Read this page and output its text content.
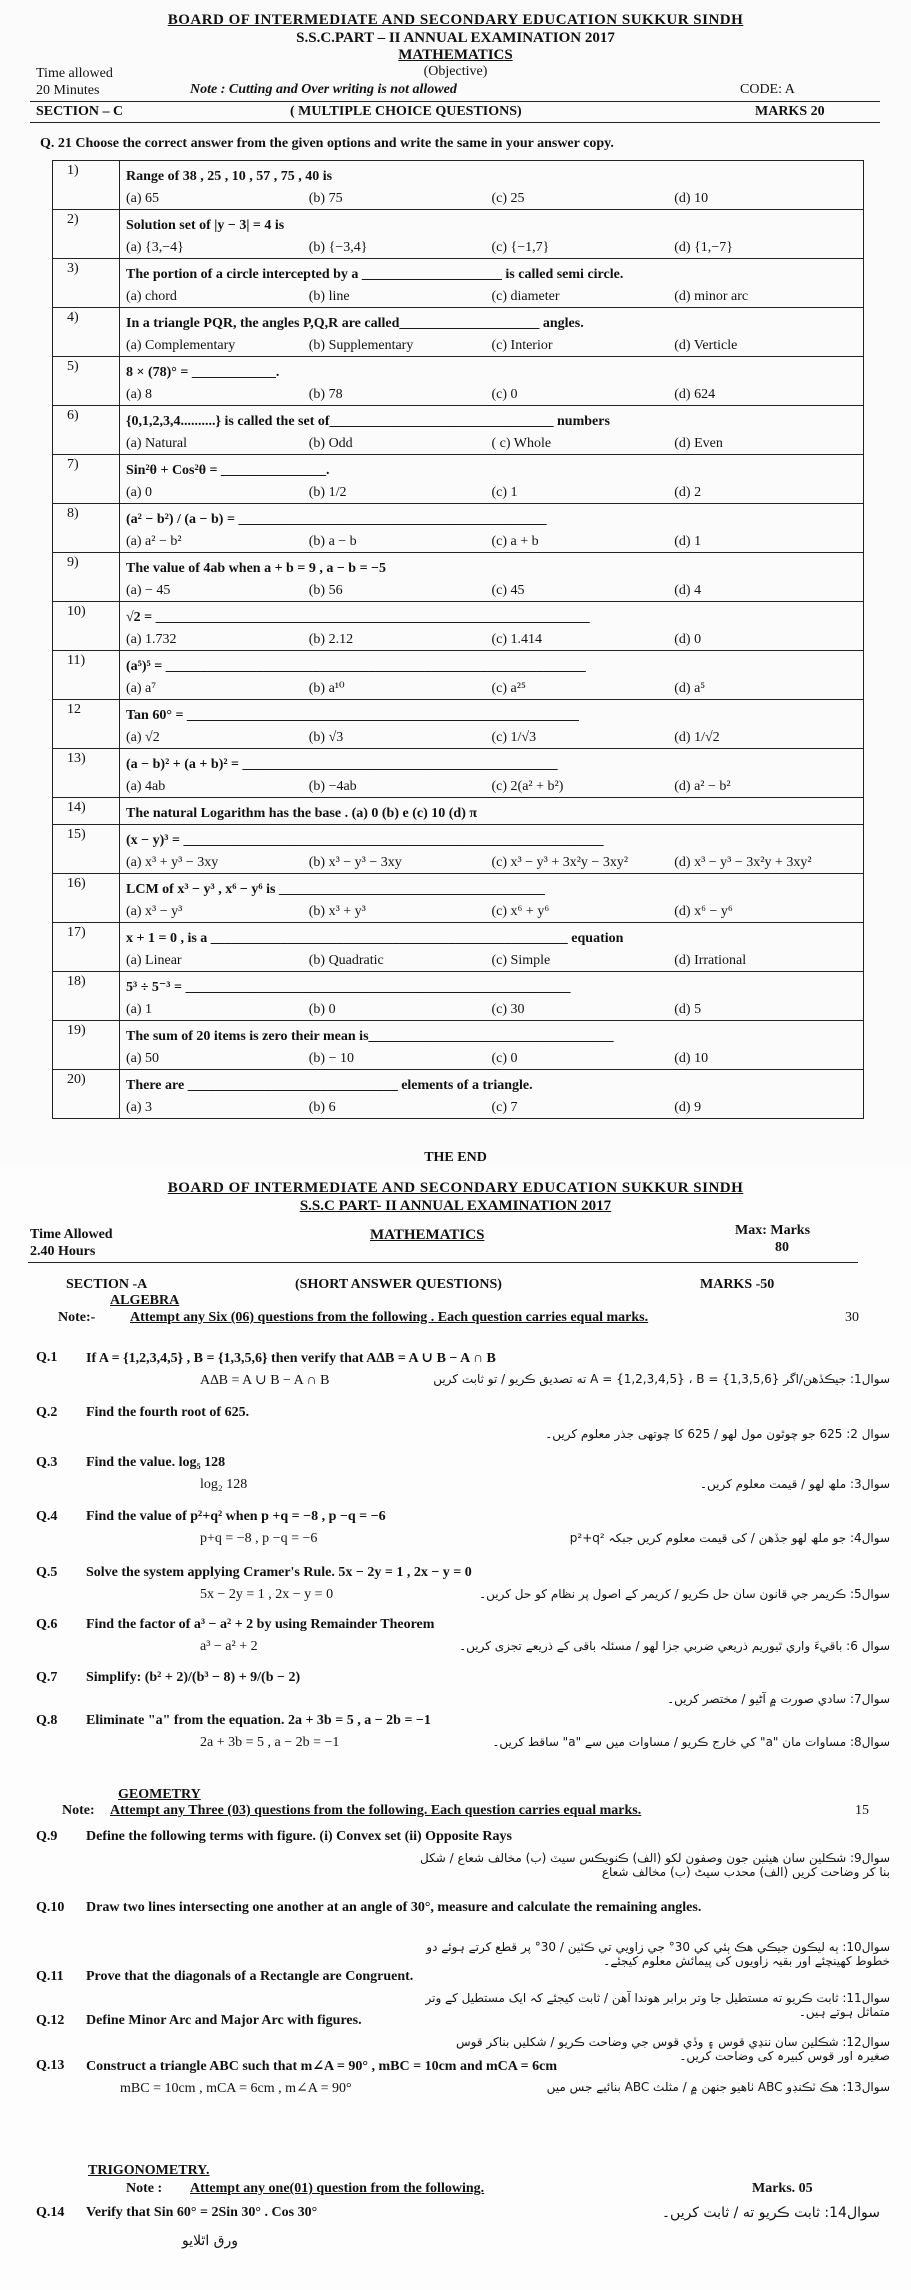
BOARD OF INTERMEDIATE AND SECONDARY EDUCATION SUKKUR SINDH
S.S.C.PART – II ANNUAL EXAMINATION 2017
MATHEMATICS
(Objective)
Time allowed
20 Minutes	Note : Cutting and Over writing is not allowed	CODE: A
SECTION – C	( MULTIPLE CHOICE QUESTIONS)	MARKS 20
Q. 21 Choose the correct answer from the given options and write the same in your answer copy.
1)	Range of 38 , 25 , 10 , 57 , 75 , 40 is
(a) 65 (b) 75 (c) 25 (d) 10

2)	Solution set of |y − 3| = 4 is
(a) {3,−4} (b) {−3,4} (c) {−1,7} (d) {1,−7}

3)	The portion of a circle intercepted by a ____________________ is called semi circle.
(a) chord (b) line (c) diameter (d) minor arc

4)	In a triangle PQR, the angles P,Q,R are called____________________ angles.
(a) Complementary (b) Supplementary (c) Interior (d) Verticle

5)	8 × (78)° = ____________.
(a) 8 (b) 78 (c) 0 (d) 624

6)	{0,1,2,3,4..........} is called the set of________________________________ numbers
(a) Natural (b) Odd ( c) Whole (d) Even

7)	Sin²θ + Cos²θ = _______________.
(a) 0 (b) 1/2 (c) 1 (d) 2

8)	(a² − b²) / (a − b) = ____________________________________________
(a) a² − b² (b) a − b (c) a + b (d) 1

9)	The value of 4ab when a + b = 9 , a − b = −5
(a) − 45 (b) 56 (c) 45 (d) 4

10)	√2 = ______________________________________________________________
(a) 1.732 (b) 2.12 (c) 1.414 (d) 0

11)	(a⁵)⁵ = ____________________________________________________________
(a) a⁷ (b) a¹⁰ (c) a²⁵ (d) a⁵

12	Tan 60° = ________________________________________________________
(a) √2 (b) √3 (c) 1/√3 (d) 1/√2

13)	(a − b)² + (a + b)² = _____________________________________________
(a) 4ab (b) −4ab (c) 2(a² + b²) (d) a² − b²

14)	The natural Logarithm has the base . (a) 0 (b) e (c) 10 (d) π

15)	(x − y)³ = ____________________________________________________________
(a) x³ + y³ − 3xy (b) x³ − y³ − 3xy (c) x³ − y³ + 3x²y − 3xy² (d) x³ − y³ − 3x²y + 3xy²

16)	LCM of x³ − y³ , x⁶ − y⁶ is ______________________________________
(a) x³ − y³ (b) x³ + y³ (c) x⁶ + y⁶ (d) x⁶ − y⁶

17)	x + 1 = 0 , is a ___________________________________________________ equation
(a) Linear (b) Quadratic (c) Simple (d) Irrational

18)	5³ ÷ 5⁻³ = _______________________________________________________
(a) 1 (b) 0 (c) 30 (d) 5

19)	The sum of 20 items is zero their mean is___________________________________
(a) 50 (b) − 10 (c) 0 (d) 10

20)	There are ______________________________ elements of a triangle.
(a) 3 (b) 6 (c) 7 (d) 9
THE END
BOARD OF INTERMEDIATE AND SECONDARY EDUCATION SUKKUR SINDH
S.S.C PART- II ANNUAL EXAMINATION 2017
Time Allowed
2.40 Hours
MATHEMATICS	Max: Marks
80
SECTION -A	(SHORT ANSWER QUESTIONS)	MARKS -50
ALGEBRA
Note:- Attempt any Six (06) questions from the following . Each question carries equal marks.	30
Q.1 If A = {1,2,3,4,5} , B = {1,3,5,6} then verify that A∆B = A ∪ B − A ∩ B
A∆B = A ∪ B − A ∩ B	سوال1: جيڪڏهن/اگر A = {1,2,3,4,5} ، B = {1,3,5,6} ته تصديق ڪريو / تو ثابت کریں
Q.2 Find the fourth root of 625.
سوال 2: 625 جو چوٿون مول لهو / 625 کا چوتھی جذر معلوم کریں۔
Q.3 Find the value. log₅ 128
log₂ 128	سوال3: ملھ لھو / قیمت معلوم کریں۔
Q.4 Find the value of p²+q² when p +q = −8 , p −q = −6
p+q = −8 , p −q = −6	سوال4: جو ملھ لهو جڏهن / کی قیمت معلوم کریں جبکہ p²+q²
Q.5 Solve the system applying Cramer's Rule. 5x − 2y = 1 , 2x − y = 0
5x − 2y = 1 , 2x − y = 0	سوال5: ڪريمر جي قانون سان حل ڪريو / کریمر کے اصول پر نظام کو حل کریں۔
Q.6 Find the factor of a³ − a² + 2 by using Remainder Theorem
a³ − a² + 2	سوال 6: باقيءَ واري ٿيوريم ذريعي ضربي جزا لهو / مسئلہ باقی کے ذریعے تجزی کریں۔
Q.7 Simplify: (b² + 2)/(b³ − 8) + 9/(b − 2)
سوال7: سادي صورت ۾ آڻيو / مختصر کریں۔
Q.8 Eliminate "a" from the equation. 2a + 3b = 5 , a − 2b = −1
2a + 3b = 5 , a − 2b = −1	سوال8: مساوات مان "a" کي خارج ڪريو / مساوات میں سے "a" ساقط کریں۔
GEOMETRY
Note: Attempt any Three (03) questions from the following. Each question carries equal marks.	15
Q.9 Define the following terms with figure. (i) Convex set (ii) Opposite Rays
سوال9: شڪلين سان هيٺين جون وصفون لکو (الف) ڪنويڪس سيٽ (ب) مخالف شعاع / شکل بنا کر وضاحت کریں (الف) محدب سیٹ (ب) مخالف شعاع
Q.10 Draw two lines intersecting one another at an angle of 30°, measure and calculate the remaining angles.
سوال10: ٻه ليڪون جيڪي هڪ ٻئي کي 30° جي زاويي تي ڪٽين / 30° پر قطع کرتے ہوئے دو خطوط کھینچئے اور بقیہ زاویوں کی پیمائش معلوم کیجئے۔
Q.11 Prove that the diagonals of a Rectangle are Congruent.
سوال11: ثابت ڪريو ته مستطيل جا وتر برابر هوندا آهن / ثابت کیجئے کہ ایک مستطیل کے وتر متماثل ہوتے ہیں۔
Q.12 Define Minor Arc and Major Arc with figures.
سوال12: شڪلين سان ننڍي قوس ۽ وڏي قوس جي وضاحت ڪريو / شکلیں بناکر قوس صغیرہ اور قوس کبیرہ کی وضاحت کریں۔
Q.13 Construct a triangle ABC such that m∠A = 90° , mBC = 10cm and mCA = 6cm
mBC = 10cm , mCA = 6cm , m∠A = 90°	سوال13: هڪ ٽڪنڊو ABC ٺاهيو جنهن ۾ / مثلث ABC بنائیے جس میں
TRIGONOMETRY.
Note : Attempt any one(01) question from the following.	Marks. 05
Q.14 Verify that Sin 60° = 2Sin 30° . Cos 30°	سوال14: ثابت ڪريو ته / ثابت کریں۔
ورق اٿلايو
